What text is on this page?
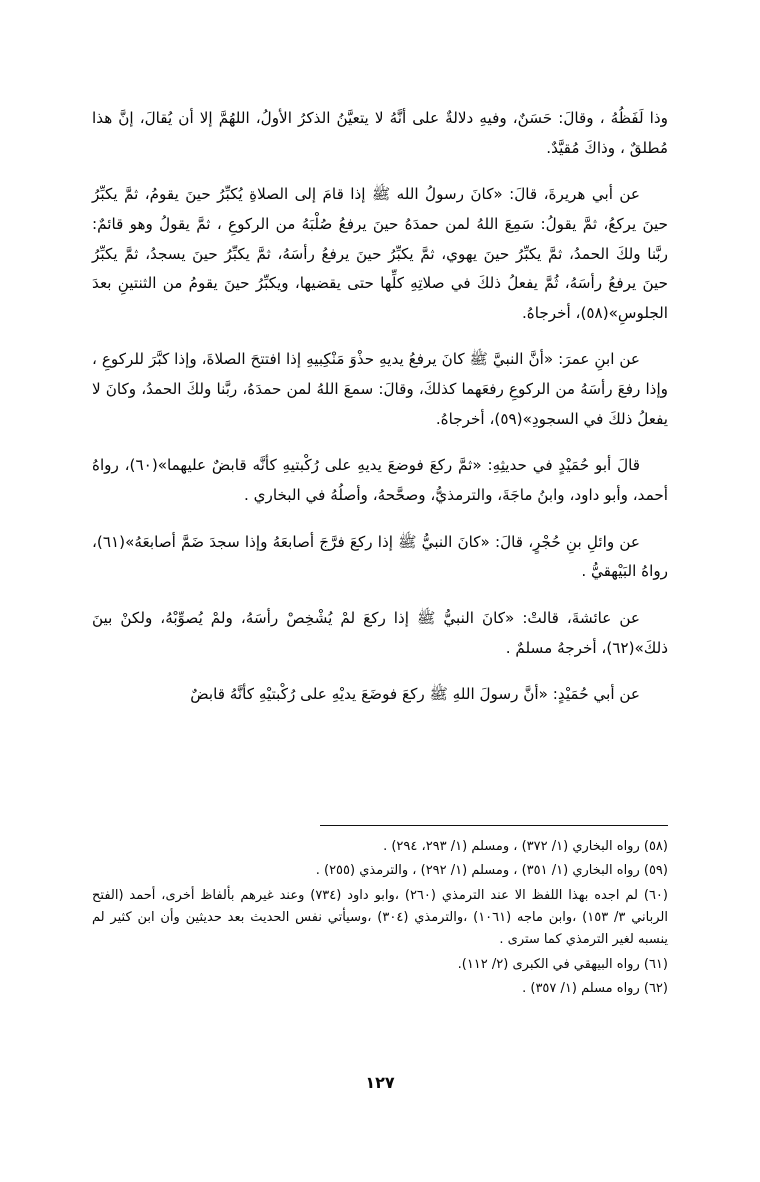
وذا لَفَظُهُ ، وقالَ: حَسَنٌ، وفيهِ دلالةٌ على أنَّهُ لا يتعيَّنُ الذكرُ الأولُ، اللهُمَّ إلا أن يُقالَ، إنَّ هذا مُطلقٌ ، وذاكَ مُقيَّدٌ.

عن أبي هريرةَ، قالَ: «كانَ رسولُ الله ﷺ إذا قامَ إلى الصلاةِ يُكبِّرُ حينَ يقومُ، ثمَّ يكبِّرُ حينَ يركعُ، ثمَّ يقولُ: سَمِعَ اللهُ لمن حمدَهُ حينَ يرفعُ صُلْبَهُ من الركوعِ ، ثمَّ يقولُ وهو قائمٌ: ربَّنا ولكَ الحمدُ، ثمَّ يكبِّرُ حينَ يهوي، ثمَّ يكبِّرُ حينَ يرفعُ رأسَهُ، ثمَّ يكبِّرُ حينَ يسجدُ، ثمَّ يكبِّرُ حينَ يرفعُ رأسَهُ، ثُمَّ يفعلُ ذلكَ في صلاتِهِ كلِّها حتى يقضيها، ويكبِّرُ حينَ يقومُ من الثنتينِ بعدَ الجلوسِ»(٥٨)، أخرجاهُ.

عن ابنِ عمرَ: «أنَّ النبيَّ ﷺ كانَ يرفعُ يديهِ حذْوَ مَنْكِبيهِ إذا افتتحَ الصلاةَ، وإذا كبَّرَ للركوعِ ، وإذا رفعَ رأسَهُ من الركوعِ رفعَهما كذلكَ، وقالَ: سمعَ اللهُ لمن حمدَهُ، ربَّنا ولكَ الحمدُ، وكانَ لا يفعلُ ذلكَ في السجودِ»(٥٩)، أخرجاهُ.

قالَ أبو حُمَيْدٍ في حديثِهِ: «ثمَّ ركعَ فوضعَ يديهِ على رُكْبتيهِ كأنَّه قابضٌ عليهما»(٦٠)، رواهُ أحمد، وأبو داود، وابنُ ماجَةَ، والترمذيُّ، وصحَّحهُ، وأصلُهُ في البخاري .

عن وائلِ بنِ حُجْرٍ، قالَ: «كانَ النبيُّ ﷺ إذا ركعَ فرَّجَ أصابعَهُ وإذا سجدَ ضَمَّ أصابعَهُ»(٦١)، رواهُ البَيْهقيُّ .

عن عائشةَ، قالتْ: «كانَ النبيُّ ﷺ إذا ركعَ لمْ يُشْخِصْ رأسَهُ، ولمْ يُصوِّبْهُ، ولكنْ بينَ ذلكَ»(٦٢)، أخرجهُ مسلمٌ .

عن أبي حُمَيْدٍ: «أنَّ رسولَ اللهِ ﷺ ركعَ فوضَعَ يديْهِ على رُكْبتيْهِ كأنَّهُ قابضٌ

(٥٨) رواه البخاري (١/ ٣٧٢) ، ومسلم (١/ ٢٩٣، ٢٩٤) .

(٥٩) رواه البخاري (١/ ٣٥١) ، ومسلم (١/ ٢٩٢) ، والترمذي (٢٥٥) .

(٦٠) لم اجده بهذا اللفظ الا عند الترمذي (٢٦٠) ،وابو داود (٧٣٤) وعند غيرهم بألفاظ أخرى، أحمد (الفتح الرباني ٣/ ١٥٣) ،وابن ماجه (١٠٦١) ،والترمذي (٣٠٤) ،وسيأتي نفس الحديث بعد حديثين وأن ابن كثير لم ينسبه لغير الترمذي كما سترى .

(٦١) رواه البيهقي في الكبرى (٢/ ١١٢).

(٦٢) رواه مسلم (١/ ٣٥٧) .

١٢٧
